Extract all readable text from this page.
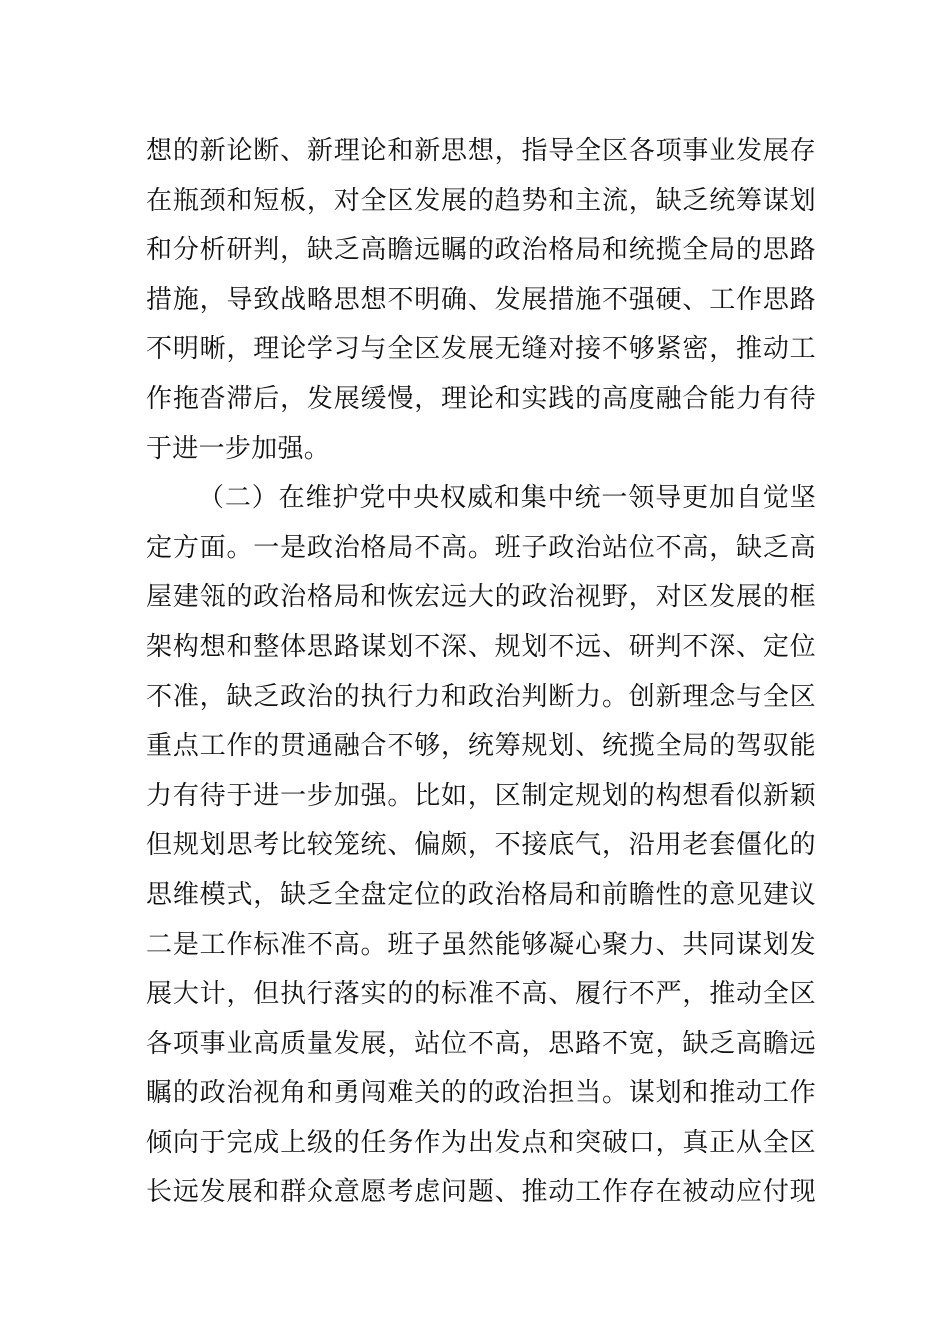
想的新论断、新理论和新思想，指导全区各项事业发展存
在瓶颈和短板，对全区发展的趋势和主流，缺乏统筹谋划
和分析研判，缺乏高瞻远瞩的政治格局和统揽全局的思路
措施，导致战略思想不明确、发展措施不强硬、工作思路
不明晰，理论学习与全区发展无缝对接不够紧密，推动工
作拖沓滞后，发展缓慢，理论和实践的高度融合能力有待
于进一步加强。
（二）在维护党中央权威和集中统一领导更加自觉坚
定方面。一是政治格局不高。班子政治站位不高，缺乏高
屋建瓴的政治格局和恢宏远大的政治视野，对区发展的框
架构想和整体思路谋划不深、规划不远、研判不深、定位
不准，缺乏政治的执行力和政治判断力。创新理念与全区
重点工作的贯通融合不够，统筹规划、统揽全局的驾驭能
力有待于进一步加强。比如，区制定规划的构想看似新颖
但规划思考比较笼统、偏颇，不接底气，沿用老套僵化的
思维模式，缺乏全盘定位的政治格局和前瞻性的意见建议
二是工作标准不高。班子虽然能够凝心聚力、共同谋划发
展大计，但执行落实的的标准不高、履行不严，推动全区
各项事业高质量发展，站位不高，思路不宽，缺乏高瞻远
瞩的政治视角和勇闯难关的的政治担当。谋划和推动工作
倾向于完成上级的任务作为出发点和突破口，真正从全区
长远发展和群众意愿考虑问题、推动工作存在被动应付现
